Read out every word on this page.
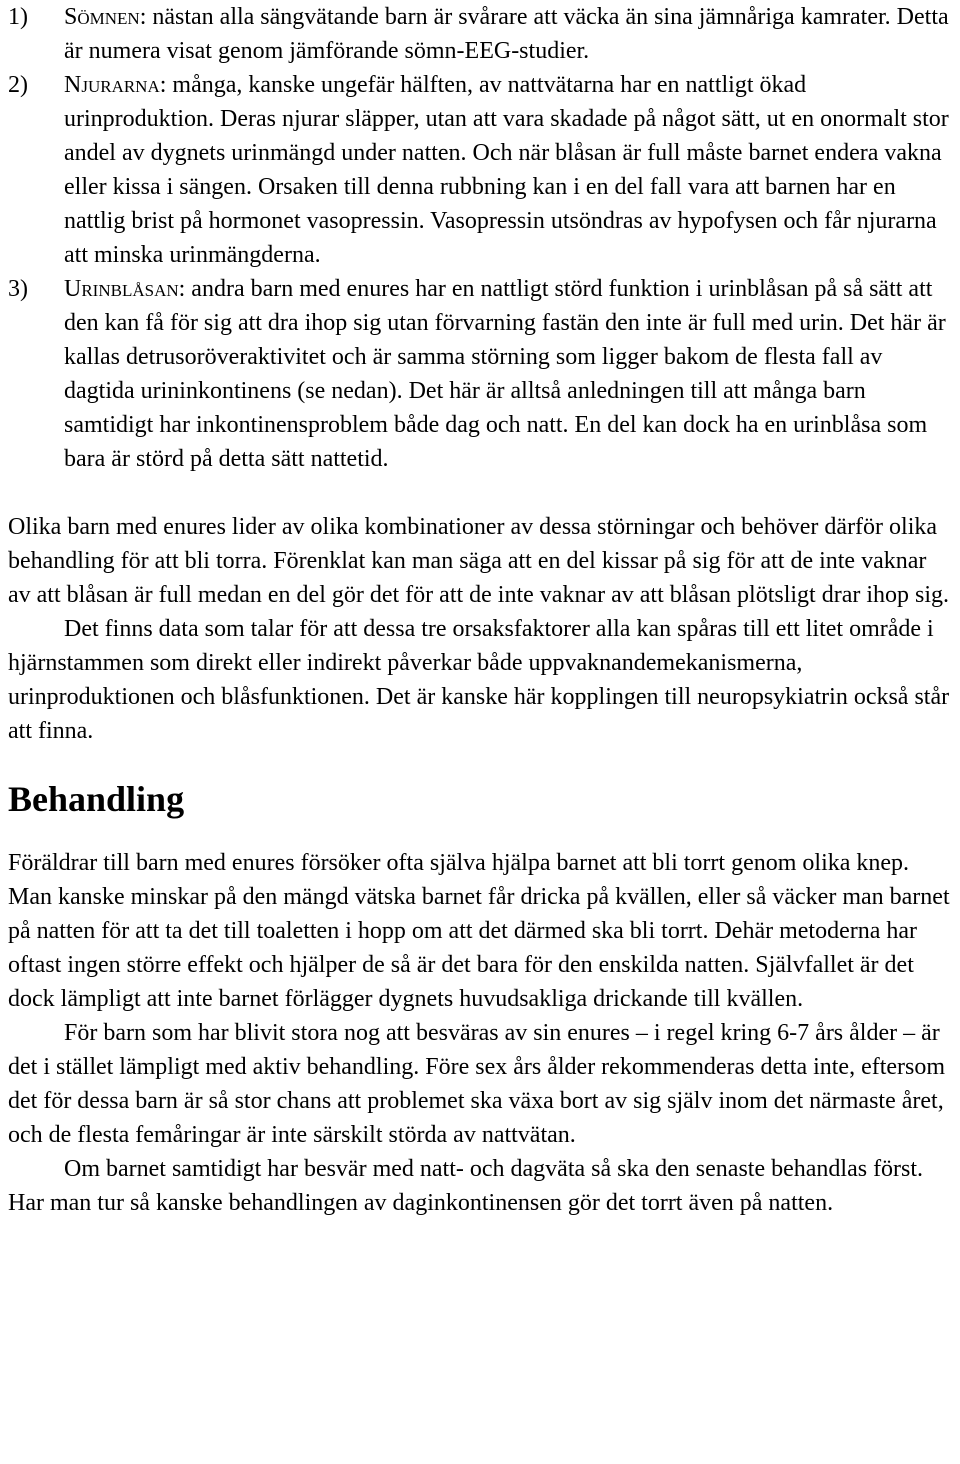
1)	Sömnen: nästan alla sängvätande barn är svårare att väcka än sina jämnåriga kamrater. Detta är numera visat genom jämförande sömn-EEG-studier.
2)	Njurarna: många, kanske ungefär hälften, av nattvätarna har en nattligt ökad urinproduktion. Deras njurar släpper, utan att vara skadade på något sätt, ut en onormalt stor andel av dygnets urinmängd under natten. Och när blåsan är full måste barnet endera vakna eller kissa i sängen. Orsaken till denna rubbning kan i en del fall vara att barnen har en nattlig brist på hormonet vasopressin. Vasopressin utsöndras av hypofysen och får njurarna att minska urinmängderna.
3)	Urinblåsan: andra barn med enures har en nattligt störd funktion i urinblåsan på så sätt att den kan få för sig att dra ihop sig utan förvarning fastän den inte är full med urin. Det här är kallas detrusoröveraktivitet och är samma störning som ligger bakom de flesta fall av dagtida urininkontinens (se nedan). Det här är alltså anledningen till att många barn samtidigt har inkontinensproblem både dag och natt. En del kan dock ha en urinblåsa som bara är störd på detta sätt nattetid.

Olika barn med enures lider av olika kombinationer av dessa störningar och behöver därför olika behandling för att bli torra. Förenklat kan man säga att en del kissar på sig för att de inte vaknar av att blåsan är full medan en del gör det för att de inte vaknar av att blåsan plötsligt drar ihop sig.

Det finns data som talar för att dessa tre orsaksfaktorer alla kan spåras till ett litet område i hjärnstammen som direkt eller indirekt påverkar både uppvaknandemekanismerna, urinproduktionen och blåsfunktionen. Det är kanske här kopplingen till neuropsykiatrin också står att finna.

Behandling

Föräldrar till barn med enures försöker ofta själva hjälpa barnet att bli torrt genom olika knep. Man kanske minskar på den mängd vätska barnet får dricka på kvällen, eller så väcker man barnet på natten för att ta det till toaletten i hopp om att det därmed ska bli torrt. Dehär metoderna har oftast ingen större effekt och hjälper de så är det bara för den enskilda natten. Självfallet är det dock lämpligt att inte barnet förlägger dygnets huvudsakliga drickande till kvällen.

För barn som har blivit stora nog att besväras av sin enures – i regel kring 6-7 års ålder – är det i stället lämpligt med aktiv behandling. Före sex års ålder rekommenderas detta inte, eftersom det för dessa barn är så stor chans att problemet ska växa bort av sig själv inom det närmaste året, och de flesta femåringar är inte särskilt störda av nattvätan.

Om barnet samtidigt har besvär med natt- och dagväta så ska den senaste behandlas först. Har man tur så kanske behandlingen av daginkontinensen gör det torrt även på natten.
